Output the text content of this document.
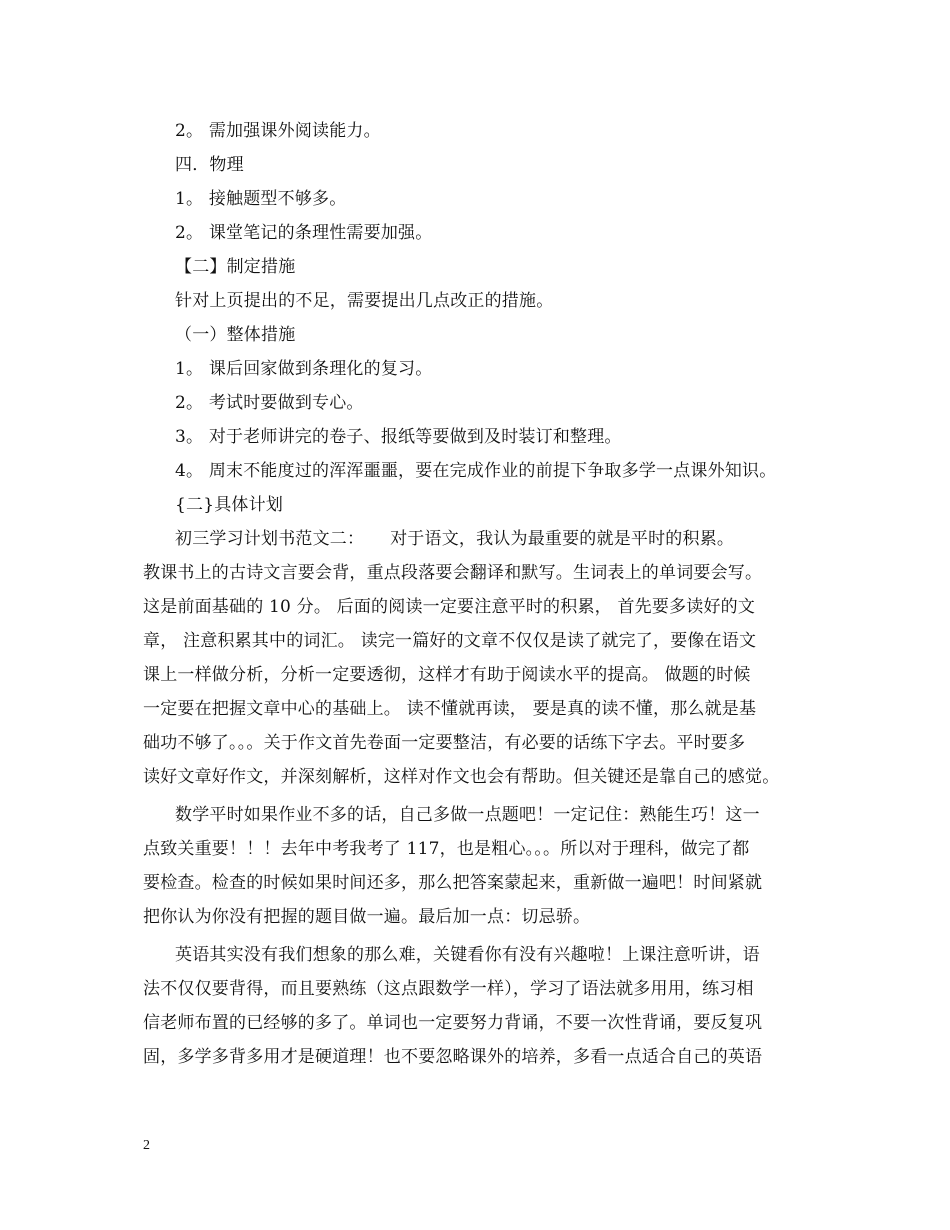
2。 需加强课外阅读能力。
四．物理
1。 接触题型不够多。
2。 课堂笔记的条理性需要加强。
【二】制定措施
针对上页提出的不足，需要提出几点改正的措施。
（一）整体措施
1。 课后回家做到条理化的复习。
2。 考试时要做到专心。
3。 对于老师讲完的卷子、报纸等要做到及时装订和整理。
4。 周末不能度过的浑浑噩噩，要在完成作业的前提下争取多学一点课外知识。
{二}具体计划
初三学习计划书范文二：　　对于语文，我认为最重要的就是平时的积累。
教课书上的古诗文言要会背，重点段落要会翻译和默写。生词表上的单词要会写。
这是前面基础的 10 分。 后面的阅读一定要注意平时的积累， 首先要多读好的文
章， 注意积累其中的词汇。 读完一篇好的文章不仅仅是读了就完了，要像在语文
课上一样做分析，分析一定要透彻，这样才有助于阅读水平的提高。 做题的时候
一定要在把握文章中心的基础上。 读不懂就再读， 要是真的读不懂，那么就是基
础功不够了。。。关于作文首先卷面一定要整洁，有必要的话练下字去。平时要多
读好文章好作文，并深刻解析，这样对作文也会有帮助。但关键还是靠自己的感觉。
数学平时如果作业不多的话，自己多做一点题吧！一定记住：熟能生巧！这一
点致关重要！！！去年中考我考了 117，也是粗心。。。所以对于理科，做完了都
要检查。检查的时候如果时间还多，那么把答案蒙起来，重新做一遍吧！时间紧就
把你认为你没有把握的题目做一遍。最后加一点：切忌骄。
英语其实没有我们想象的那么难，关键看你有没有兴趣啦！上课注意听讲，语
法不仅仅要背得，而且要熟练（这点跟数学一样），学习了语法就多用用，练习相
信老师布置的已经够的多了。单词也一定要努力背诵，不要一次性背诵，要反复巩
固，多学多背多用才是硬道理！也不要忽略课外的培养，多看一点适合自己的英语
2
